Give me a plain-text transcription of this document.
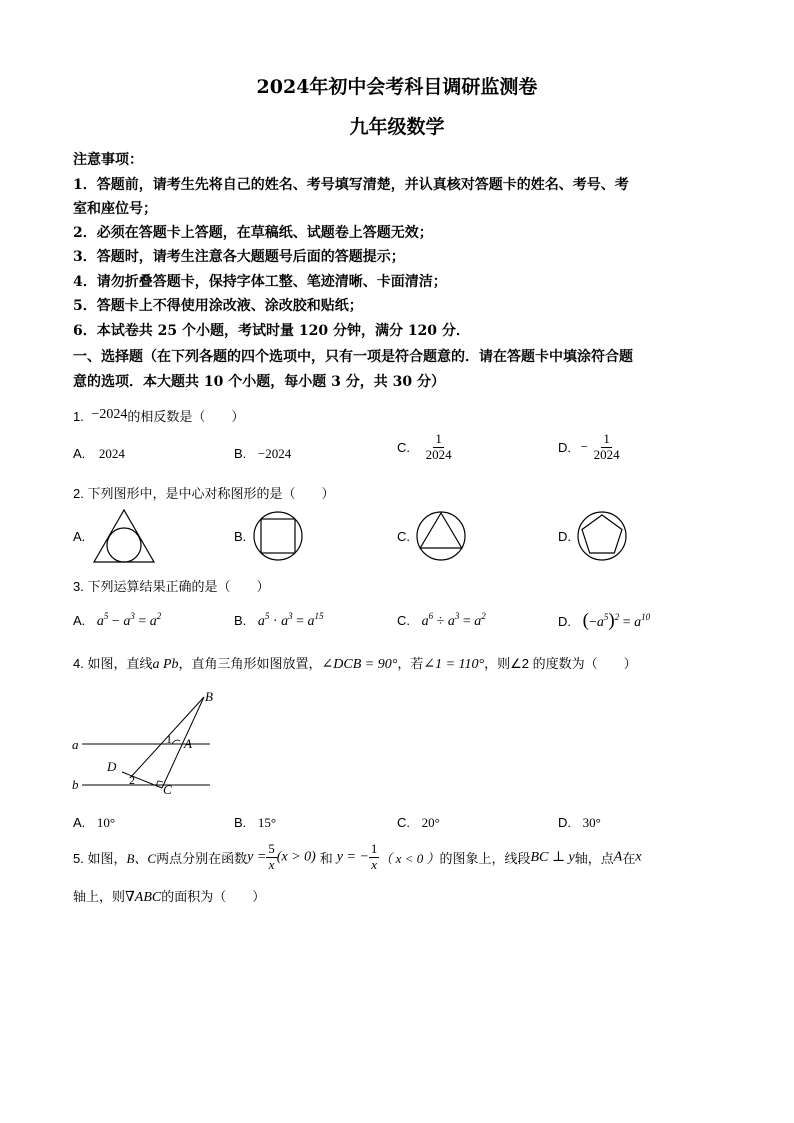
2024年初中会考科目调研监测卷
九年级数学
注意事项：
1．答题前，请考生先将自己的姓名、考号填写清楚，并认真核对答题卡的姓名、考号、考
室和座位号；
2．必须在答题卡上答题，在草稿纸、试题卷上答题无效；
3．答题时，请考生注意各大题题号后面的答题提示；
4．请勿折叠答题卡，保持字体工整、笔迹清晰、卡面清洁；
5．答题卡上不得使用涂改液、涂改胶和贴纸；
6．本试卷共 25 个小题，考试时量 120 分钟，满分 120 分．
一、选择题（在下列各题的四个选项中，只有一项是符合题意的．请在答题卡中填涂符合题
意的选项．本大题共 10 个小题，每小题 3 分，共 30 分）
1. −2024的相反数是（　　）
A. 2024	B. −2024	C. $\frac{1}{2024}$	D. − $\frac{1}{2024}$
2. 下列图形中，是中心对称图形的是（　　）
A.	B.	C.	D.
3. 下列运算结果正确的是（　　）
A. $a^5 - a^3 = a^2$	B. $a^5 \cdot a^3 = a^{15}$	C. $a^6 \div a^3 = a^2$	D. $(-a^5)^2 = a^{10}$
4. 如图，直线a Pb，直角三角形如图放置，∠DCB = 90°，若∠1 = 110°，则∠2 的度数为（　　）
a
b
B
A
D
C
1
2
A. 10°	B. 15°	C. 20°	D. 30°
5. 如图，B、C两点分别在函数$y = \frac{5}{x} (x > 0)$ 和 y = − $\frac{1}{x}$ （ x < 0 ）的图象上，线段BC ⊥ y轴，点A在x
轴上，则∇ABC的面积为（　　）
